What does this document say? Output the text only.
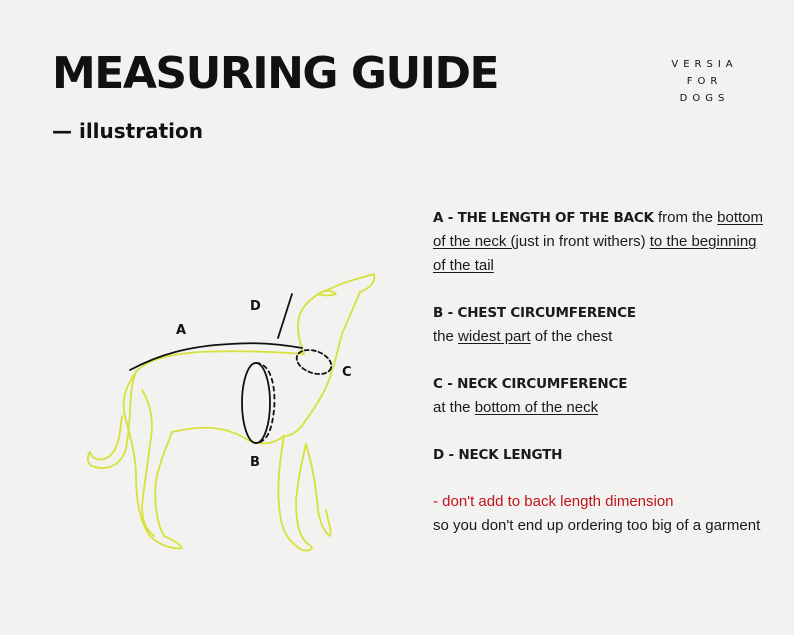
MEASURING GUIDE
— illustration
VERSIA
FOR
DOGS
A
B
C
D

A - THE LENGTH OF THE BACK from the bottom of the neck (just in front withers) to the beginning of the tail

B - CHEST CIRCUMFERENCE
the widest part of the chest

C - NECK CIRCUMFERENCE
at the bottom of the neck

D - NECK LENGTH

- don't add to back length dimension
so you don't end up ordering too big of a garment
